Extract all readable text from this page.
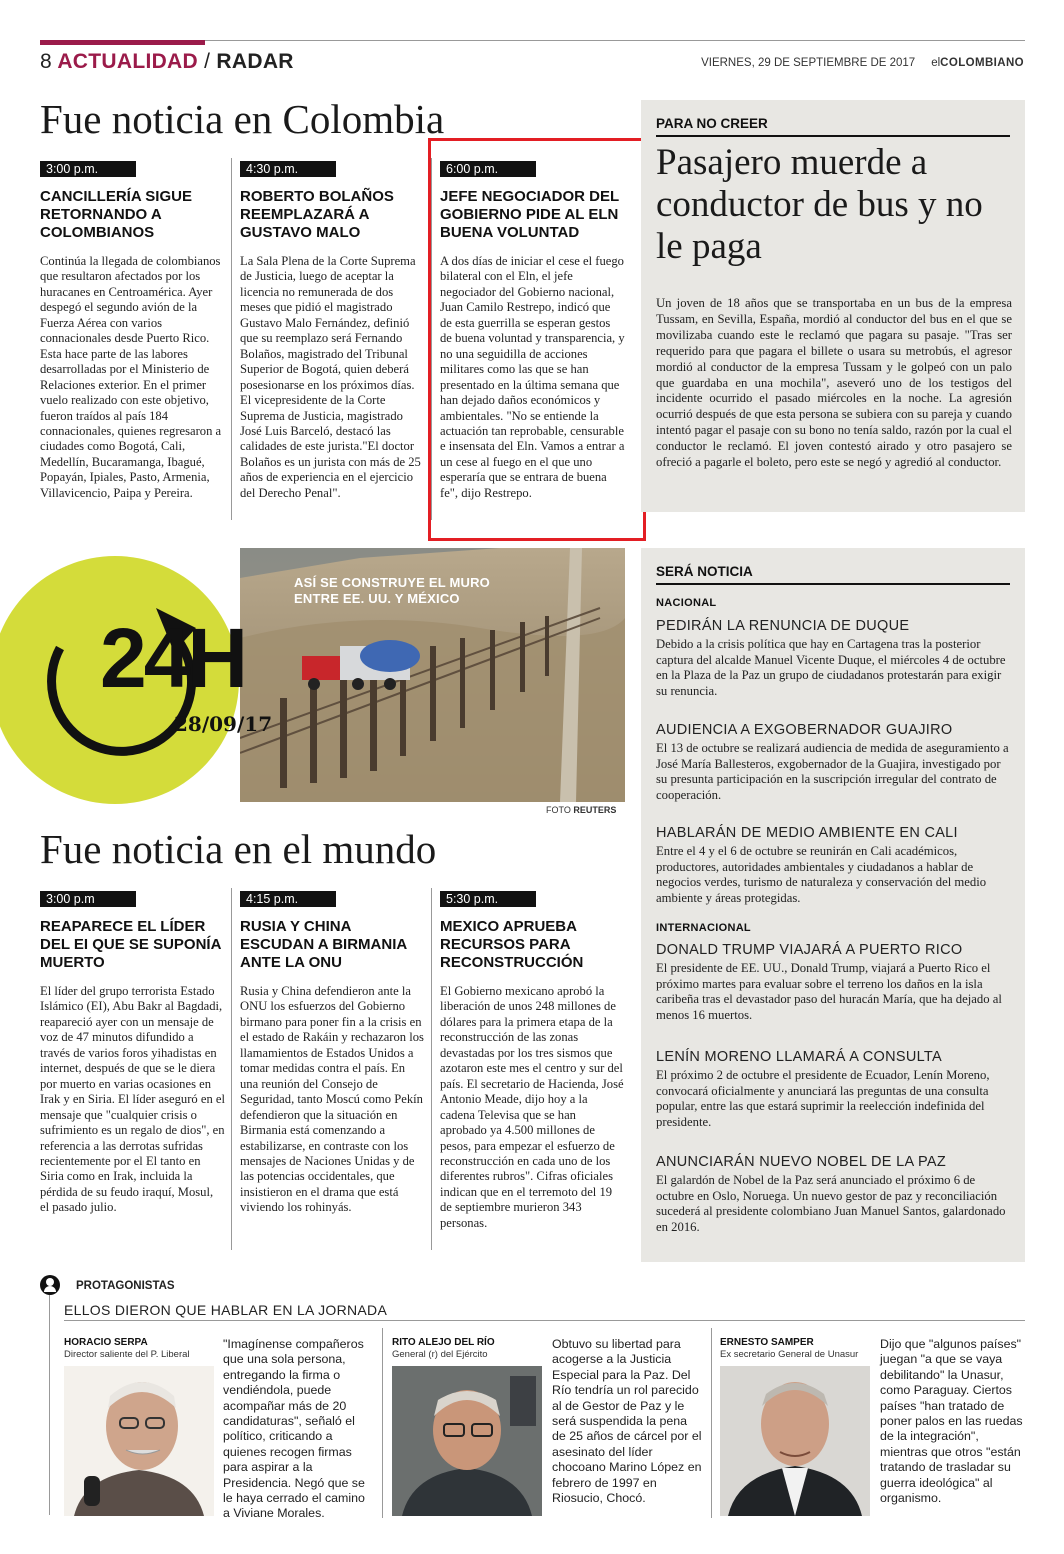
8 ACTUALIDAD / RADAR	VIERNES, 29 DE SEPTIEMBRE DE 2017 elCOLOMBIANO
Fue noticia en Colombia
3:00 p.m.
CANCILLERÍA SIGUE RETORNANDO A COLOMBIANOS

Continúa la llegada de colombianos que resultaron afectados por los huracanes en Centroamérica. Ayer despegó el segundo avión de la Fuerza Aérea con varios connacionales desde Puerto Rico. Esta hace parte de las labores desarrolladas por el Ministerio de Relaciones exterior. En el primer vuelo realizado con este objetivo, fueron traídos al país 184 connacionales, quienes regresaron a ciudades como Bogotá, Cali, Medellín, Bucaramanga, Ibagué, Popayán, Ipiales, Pasto, Armenia, Villavicencio, Paipa y Pereira.

4:30 p.m.
ROBERTO BOLAÑOS REEMPLAZARÁ A GUSTAVO MALO

La Sala Plena de la Corte Suprema de Justicia, luego de aceptar la licencia no remunerada de dos meses que pidió el magistrado Gustavo Malo Fernández, definió que su reemplazo será Fernando Bolaños, magistrado del Tribunal Superior de Bogotá, quien deberá posesionarse en los próximos días. El vicepresidente de la Corte Suprema de Justicia, magistrado José Luis Barceló, destacó las calidades de este jurista."El doctor Bolaños es un jurista con más de 25 años de experiencia en el ejercicio del Derecho Penal".

6:00 p.m.
JEFE NEGOCIADOR DEL GOBIERNO PIDE AL ELN BUENA VOLUNTAD

A dos días de iniciar el cese el fuego bilateral con el Eln, el jefe negociador del Gobierno nacional, Juan Camilo Restrepo, indicó que de esta guerrilla se esperan gestos de buena voluntad y transparencia, y no una seguidilla de acciones militares como las que se han presentado en la última semana que han dejado daños económicos y ambientales. "No se entiende la actuación tan reprobable, censurable e insensata del Eln. Vamos a entrar a un cese al fuego en el que uno esperaría que se entrara de buena fe", dijo Restrepo.

PARA NO CREER
Pasajero muerde a conductor de bus y no le paga
Un joven de 18 años que se transportaba en un bus de la empresa Tussam, en Sevilla, España, mordió al conductor del bus en el que se movilizaba cuando este le reclamó que pagara su pasaje. "Tras ser requerido para que pagara el billete o usara su metrobús, el agresor mordió al conductor de la empresa Tussam y le golpeó con un palo que guardaba en una mochila", aseveró uno de los testigos del incidente ocurrido el pasado miércoles en la noche. La agresión ocurrió después de que esta persona se subiera con su pareja y cuando intentó pagar el pasaje con su bono no tenía saldo, razón por la cual el conductor le reclamó. El joven contestó airado y otro pasajero se ofreció a pagarle el boleto, pero este se negó y agredió al conductor.
ASÍ SE CONSTRUYE EL MURO
ENTRE EE. UU. Y MÉXICO
24H
28/09/17
FOTO REUTERS
Fue noticia en el mundo
3:00 p.m
REAPARECE EL LÍDER DEL EI QUE SE SUPONÍA MUERTO

El líder del grupo terrorista Estado Islámico (EI), Abu Bakr al Bagdadi, reapareció ayer con un mensaje de voz de 47 minutos difundido a través de varios foros yihadistas en internet, después de que se le diera por muerto en varias ocasiones en Irak y en Siria. El líder aseguró en el mensaje que "cualquier crisis o sufrimiento es un regalo de dios", en referencia a las derrotas sufridas recientemente por el El tanto en Siria como en Irak, incluida la pérdida de su feudo iraquí, Mosul, el pasado julio.

4:15 p.m.
RUSIA Y CHINA ESCUDAN A BIRMANIA ANTE LA ONU

Rusia y China defendieron ante la ONU los esfuerzos del Gobierno birmano para poner fin a la crisis en el estado de Rakáin y rechazaron los llamamientos de Estados Unidos a tomar medidas contra el país. En una reunión del Consejo de Seguridad, tanto Moscú como Pekín defendieron que la situación en Birmania está comenzando a estabilizarse, en contraste con los mensajes de Naciones Unidas y de las potencias occidentales, que insistieron en el drama que está viviendo los rohinyás.

5:30 p.m.
MEXICO APRUEBA RECURSOS PARA RECONSTRUCCIÓN

El Gobierno mexicano aprobó la liberación de unos 248 millones de dólares para la primera etapa de la reconstrucción de las zonas devastadas por los tres sismos que azotaron este mes el centro y sur del país. El secretario de Hacienda, José Antonio Meade, dijo hoy a la cadena Televisa que se han aprobado ya 4.500 millones de pesos, para empezar el esfuerzo de reconstrucción en cada uno de los diferentes rubros". Cifras oficiales indican que en el terremoto del 19 de septiembre murieron 343 personas.

SERÁ NOTICIA
NACIONAL
PEDIRÁN LA RENUNCIA DE DUQUE
Debido a la crisis política que hay en Cartagena tras la posterior captura del alcalde Manuel Vicente Duque, el miércoles 4 de octubre en la Plaza de la Paz un grupo de ciudadanos protestarán para exigir su renuncia.
AUDIENCIA A EXGOBERNADOR GUAJIRO
El 13 de octubre se realizará audiencia de medida de aseguramiento a José María Ballesteros, exgobernador de la Guajira, investigado por su presunta participación en la suscripción irregular del contrato de cooperación.
HABLARÁN DE MEDIO AMBIENTE EN CALI
Entre el 4 y el 6 de octubre se reunirán en Cali académicos, productores, autoridades ambientales y ciudadanos a hablar de negocios verdes, turismo de naturaleza y conservación del medio ambiente y áreas protegidas.
INTERNACIONAL
DONALD TRUMP VIAJARÁ A PUERTO RICO
El presidente de EE. UU., Donald Trump, viajará a Puerto Rico el próximo martes para evaluar sobre el terreno los daños en la isla caribeña tras el devastador paso del huracán María, que ha dejado al menos 16 muertos.
LENÍN MORENO LLAMARÁ A CONSULTA
El próximo 2 de octubre el presidente de Ecuador, Lenín Moreno, convocará oficialmente y anunciará las preguntas de una consulta popular, entre las que estará suprimir la reelección indefinida del presidente.
ANUNCIARÁN NUEVO NOBEL DE LA PAZ
El galardón de Nobel de la Paz será anunciado el próximo 6 de octubre en Oslo, Noruega. Un nuevo gestor de paz y reconciliación sucederá al presidente colombiano Juan Manuel Santos, galardonado en 2016.
PROTAGONISTAS
ELLOS DIERON QUE HABLAR EN LA JORNADA
HORACIO SERPA
Director saliente del P. Liberal
"Imagínense compañeros que una sola persona, entregando la firma o vendiéndola, puede acompañar más de 20 candidaturas", señaló el político, criticando a quienes recogen firmas para aspirar a la Presidencia. Negó que se le haya cerrado el camino a Viviane Morales.
RITO ALEJO DEL RÍO
General (r) del Ejército
Obtuvo su libertad para acogerse a la Justicia Especial para la Paz. Del Río tendría un rol parecido al de Gestor de Paz y le será suspendida la pena de 25 años de cárcel por el asesinato del líder chocoano Marino López en febrero de 1997 en Riosucio, Chocó.
ERNESTO SAMPER
Ex secretario General de Unasur
Dijo que "algunos países" juegan "a que se vaya debilitando" la Unasur, como Paraguay. Ciertos países "han tratado de poner palos en las ruedas de la integración", mientras que otros "están tratando de trasladar su guerra ideológica" al organismo.
